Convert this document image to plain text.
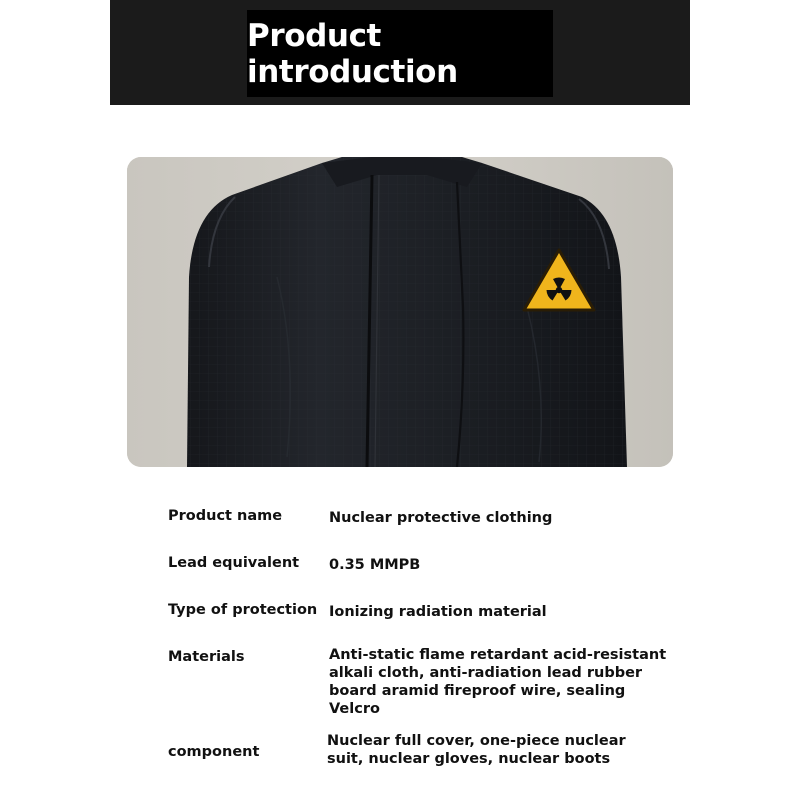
Product introduction
Product name	Nuclear protective clothing
Lead equivalent 0.35 MMPB
Type of protection Ionizing radiation material
Materials	Anti-static flame retardant acid-resistant alkali cloth, anti-radiation lead rubber board aramid fireproof wire, sealing Velcro
component
Nuclear full cover, one-piece nuclear suit, nuclear gloves, nuclear boots
